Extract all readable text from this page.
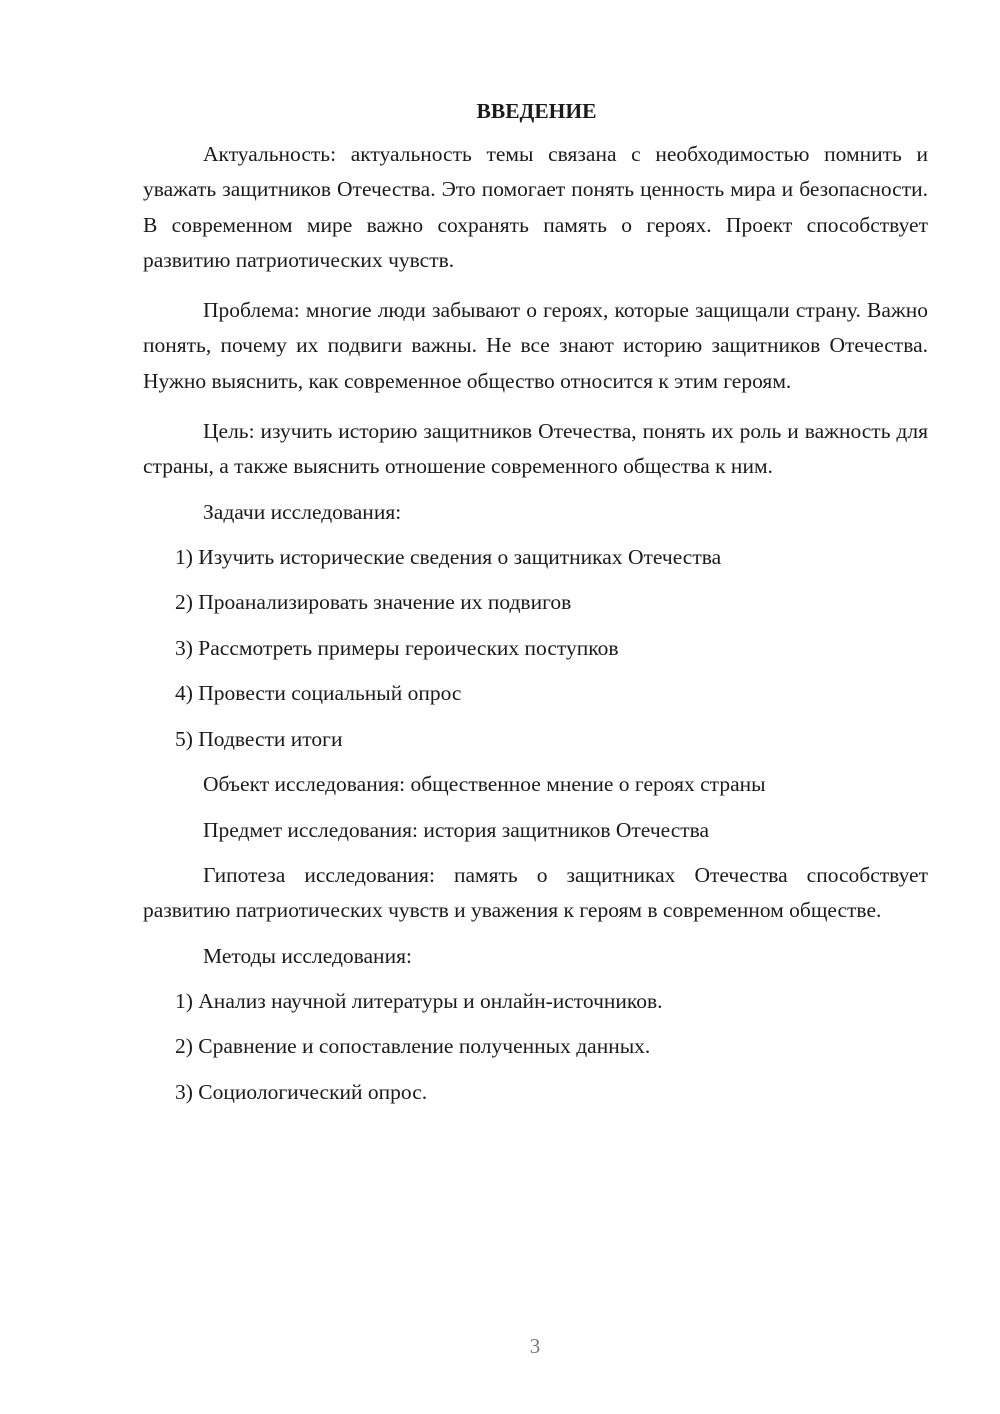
ВВЕДЕНИЕ

Актуальность: актуальность темы связана с необходимостью помнить и уважать защитников Отечества. Это помогает понять ценность мира и безопасности. В современном мире важно сохранять память о героях. Проект способствует развитию патриотических чувств.

Проблема: многие люди забывают о героях, которые защищали страну. Важно понять, почему их подвиги важны. Не все знают историю защитников Отечества. Нужно выяснить, как современное общество относится к этим героям.

Цель: изучить историю защитников Отечества, понять их роль и важность для страны, а также выяснить отношение современного общества к ним.

Задачи исследования:
1) Изучить исторические сведения о защитниках Отечества
2) Проанализировать значение их подвигов
3) Рассмотреть примеры героических поступков
4) Провести социальный опрос
5) Подвести итоги
Объект исследования: общественное мнение о героях страны
Предмет исследования: история защитников Отечества

Гипотеза исследования: память о защитниках Отечества способствует развитию патриотических чувств и уважения к героям в современном обществе.

Методы исследования:
1) Анализ научной литературы и онлайн-источников.
2) Сравнение и сопоставление полученных данных.
3) Социологический опрос.
3
